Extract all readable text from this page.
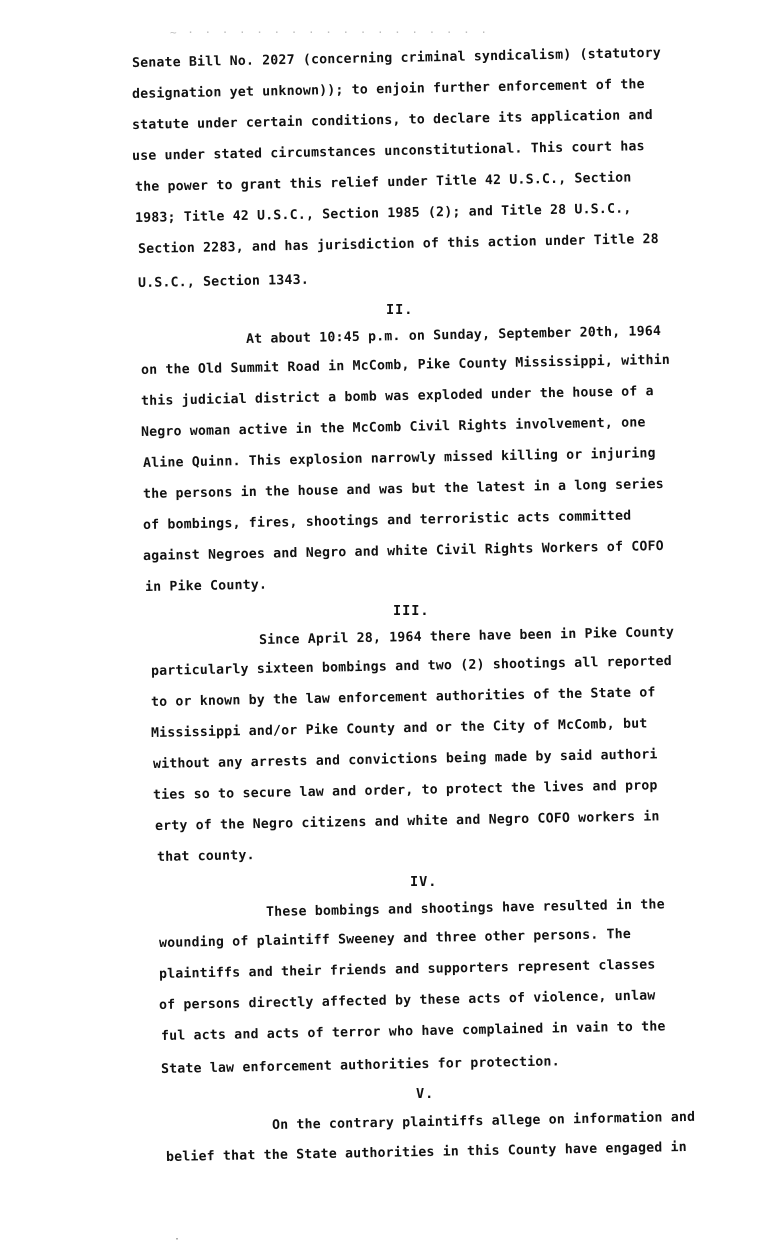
~ · · · · · · · · · · · · · · · · · ·
Senate Bill No. 2027 (concerning criminal syndicalism) (statutory
designation yet unknown)); to enjoin further enforcement of the
statute under certain conditions, to declare its application and
use under stated circumstances unconstitutional. This court has
the power to grant this relief under Title 42 U.S.C., Section
1983; Title 42 U.S.C., Section 1985 (2); and Title 28 U.S.C.,
Section 2283, and has jurisdiction of this action under Title 28
U.S.C., Section 1343.
II.
At about 10:45 p.m. on Sunday, September 20th, 1964
on the Old Summit Road in McComb, Pike County Mississippi, within
this judicial district a bomb was exploded under the house of a
Negro woman active in the McComb Civil Rights involvement, one
Aline Quinn. This explosion narrowly missed killing or injuring
the persons in the house and was but the latest in a long series
of bombings, fires, shootings and terroristic acts committed
against Negroes and Negro and white Civil Rights Workers of COFO
in Pike County.
III.
Since April 28, 1964 there have been in Pike County
particularly sixteen bombings and two (2) shootings all reported
to or known by the law enforcement authorities of the State of
Mississippi and/or Pike County and or the City of McComb, but
without any arrests and convictions being made by said authori
ties so to secure law and order, to protect the lives and prop
erty of the Negro citizens and white and Negro COFO workers in
that county.
IV.
These bombings and shootings have resulted in the
wounding of plaintiff Sweeney and three other persons. The
plaintiffs and their friends and supporters represent classes
of persons directly affected by these acts of violence, unlaw
ful acts and acts of terror who have complained in vain to the
State law enforcement authorities for protection.
V.
On the contrary plaintiffs allege on information and
belief that the State authorities in this County have engaged in
·
